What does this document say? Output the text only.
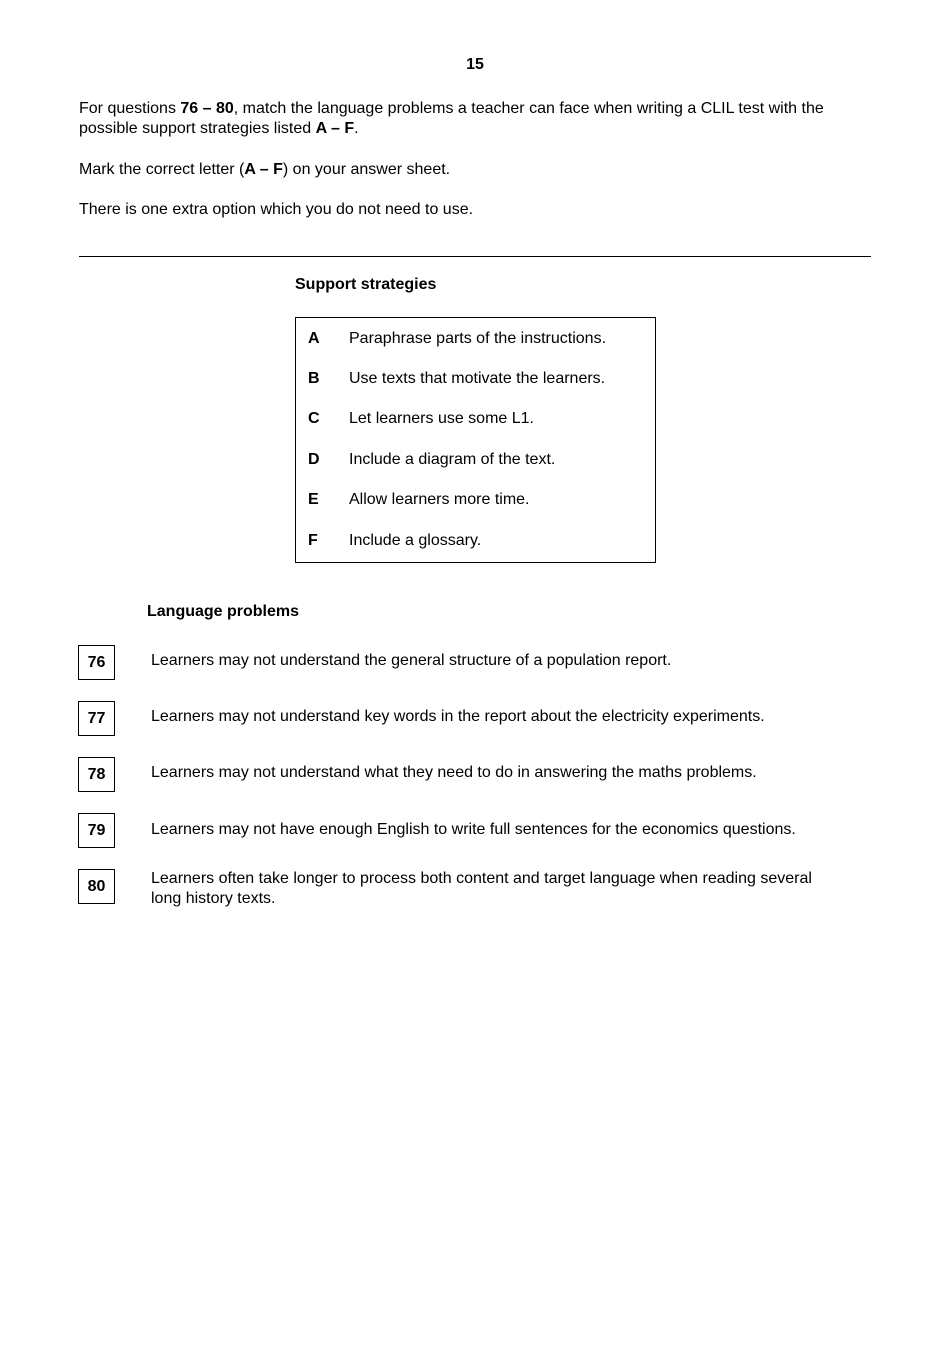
15

For questions 76 – 80, match the language problems a teacher can face when writing a CLIL test with the possible support strategies listed A – F.

Mark the correct letter (A – F) on your answer sheet.

There is one extra option which you do not need to use.

Support strategies
A Paraphrase parts of the instructions.
B Use texts that motivate the learners.
C Let learners use some L1.
D Include a diagram of the text.
E Allow learners more time.
F Include a glossary.
Language problems
76	Learners may not understand the general structure of a population report.
77	Learners may not understand key words in the report about the electricity experiments.
78	Learners may not understand what they need to do in answering the maths problems.
79	Learners may not have enough English to write full sentences for the economics questions.
80	Learners often take longer to process both content and target language when reading several long history texts.
